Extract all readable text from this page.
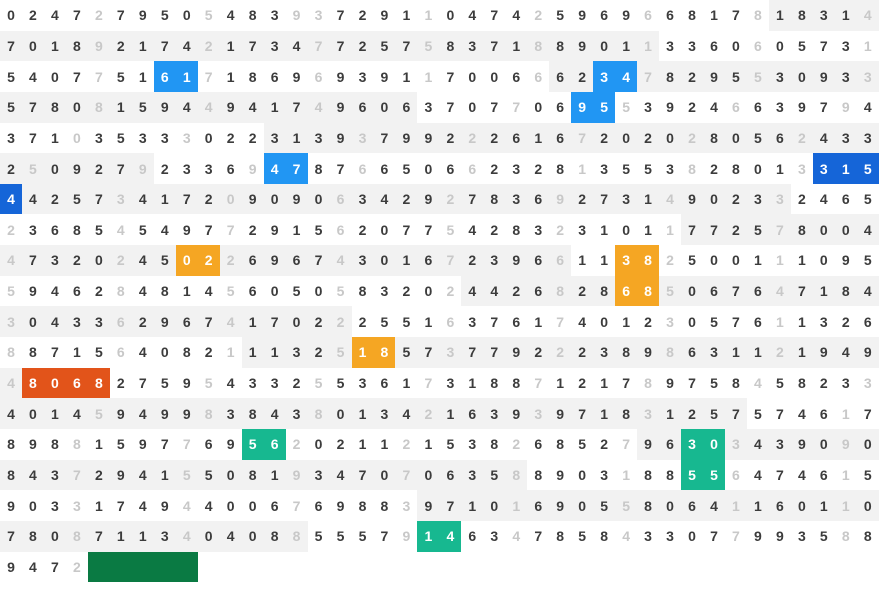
0	2	4	7	2	7	9	5	0	5	4	8	3	9	3	7	2	9	1	1	0	4	7	4	2	5	9	6	9	6	6	8	1	7	8	1	8	3	1	4
7	0	1	8	9	2	1	7	4	2	1	7	3	4	7	7	2	5	7	5	8	3	7	1	8	8	9	0	1	1	3	3	6	0	6	0	5	7	3	1
5	4	0	7	7	5	1	6	1	7	1	8	6	9	6	9	3	9	1	1	7	0	0	6	6	6	2	3	4	7	8	2	9	5	5	3	0	9	3	3
5	7	8	0	8	1	5	9	4	4	9	4	1	7	4	9	6	0	6	3	7	0	7	7	0	6	9	5	5	3	9	2	4	6	6	3	9	7	9	4
3	7	1	0	3	5	3	3	3	0	2	2	3	1	3	9	3	7	9	9	2	2	2	6	1	6	7	2	0	2	0	2	8	0	5	6	2	4	3	3
2	5	0	9	2	7	9	2	3	3	6	9	4	7	8	7	6	6	5	0	6	6	2	3	2	8	1	3	5	5	3	8	2	8	0	1	3	3	1	5
4	4	2	5	7	3	4	1	7	2	0	9	0	9	0	6	3	4	2	9	2	7	8	3	6	9	2	7	3	1	4	9	0	2	3	3	2	4	6	5
2	3	6	8	5	4	5	4	9	7	7	2	9	1	5	6	2	0	7	7	5	4	2	8	3	2	3	1	0	1	1	7	7	2	5	7	8	0	0	4
4	7	3	2	0	2	4	5	0	2	2	6	9	6	7	4	3	0	1	6	7	2	3	9	6	6	1	1	3	8	2	5	0	0	1	1	1	0	9	5
5	9	4	6	2	8	4	8	1	4	5	6	0	5	0	5	8	3	2	0	2	4	4	2	6	8	2	8	6	8	5	0	6	7	6	4	7	1	8	4
3	0	4	3	3	6	2	9	6	7	4	1	7	0	2	2	2	5	5	1	6	3	7	6	1	7	4	0	1	2	3	0	5	7	6	1	1	3	2	6
8	8	7	1	5	6	4	0	8	2	1	1	1	3	2	5	1	8	5	7	3	7	7	9	2	2	2	3	8	9	8	6	3	1	1	2	1	9	4	9
4	8	0	6	8	2	7	5	9	5	4	3	3	2	5	5	3	6	1	7	3	1	8	8	7	1	2	1	7	8	9	7	5	8	4	5	8	2	3	3
4	0	1	4	5	9	4	9	9	8	3	8	4	3	8	0	1	3	4	2	1	6	3	9	3	9	7	1	8	3	1	2	5	7	5	7	4	6	1	7
8	9	8	8	1	5	9	7	7	6	9	5	6	2	0	2	1	1	2	1	5	3	8	2	6	8	5	2	7	9	6	3	0	3	4	3	9	0	9	0
8	4	3	7	2	9	4	1	5	5	0	8	1	9	3	4	7	0	7	0	6	3	5	8	8	9	0	3	1	8	8	5	5	6	4	7	4	6	1	5
9	0	3	3	1	7	4	9	4	4	0	0	6	7	6	9	8	8	3	9	7	1	0	1	6	9	0	5	5	8	0	6	4	1	1	6	0	1	1	0
7	8	0	8	7	1	1	3	4	0	4	0	8	8	5	5	5	7	9	1	4	6	3	4	7	8	5	8	4	3	3	0	7	7	9	9	3	5	8	8
9	4	7	2
